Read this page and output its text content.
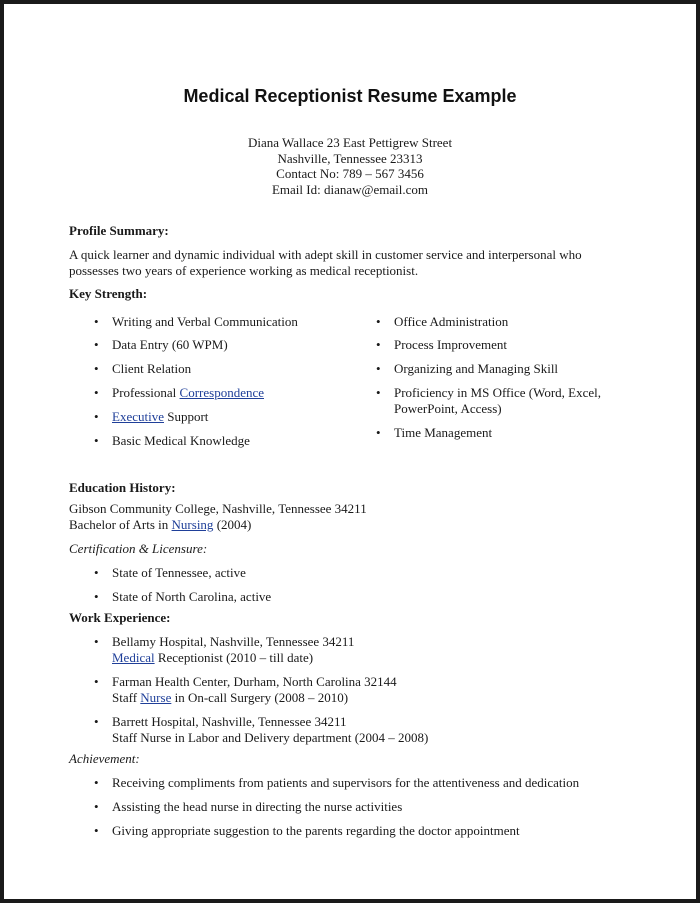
Medical Receptionist Resume Example
Diana Wallace 23 East Pettigrew Street
Nashville, Tennessee 23313
Contact No: 789 – 567 3456
Email Id: dianaw@email.com
Profile Summary:
A quick learner and dynamic individual with adept skill in customer service and interpersonal who possesses two years of experience working as medical receptionist.
Key Strength:
• Writing and Verbal Communication
• Data Entry (60 WPM)
• Client Relation
• Professional Correspondence
• Executive Support
• Basic Medical Knowledge
• Office Administration
• Process Improvement
• Organizing and Managing Skill
• Proficiency in MS Office (Word, Excel,
PowerPoint, Access)
• Time Management
Education History:
Gibson Community College, Nashville, Tennessee 34211
Bachelor of Arts in Nursing (2004)
Certification & Licensure:
• State of Tennessee, active
• State of North Carolina, active
Work Experience:
• Bellamy Hospital, Nashville, Tennessee 34211
Medical Receptionist (2010 – till date)
• Farman Health Center, Durham, North Carolina 32144
Staff Nurse in On-call Surgery (2008 – 2010)
• Barrett Hospital, Nashville, Tennessee 34211
Staff Nurse in Labor and Delivery department (2004 – 2008)
Achievement:
• Receiving compliments from patients and supervisors for the attentiveness and dedication
• Assisting the head nurse in directing the nurse activities
• Giving appropriate suggestion to the parents regarding the doctor appointment
